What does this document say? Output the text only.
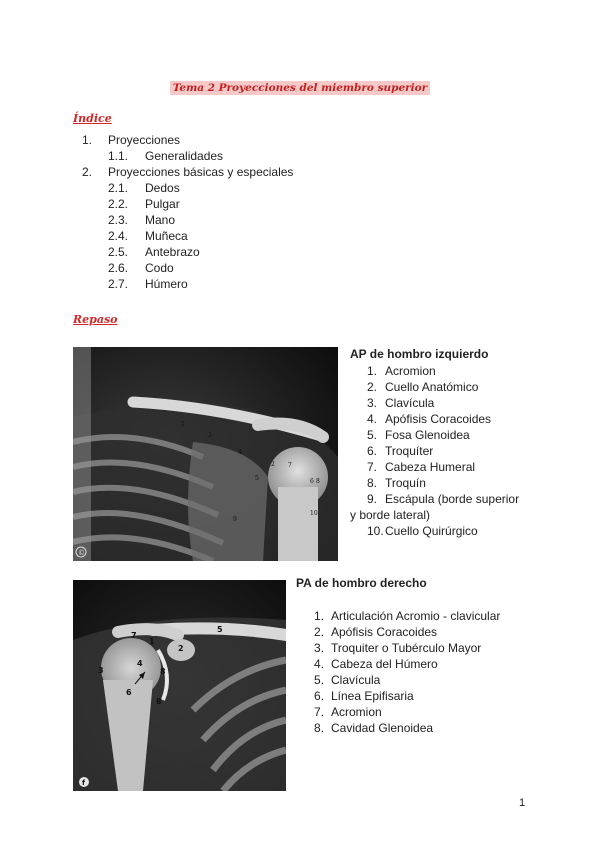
Tema 2 Proyecciones del miembro superior
Índice
1. Proyecciones
1.1. Generalidades
2. Proyecciones básicas y especiales
2.1. Dedos
2.2. Pulgar
2.3. Mano
2.4. Muñeca
2.5. Antebrazo
2.6. Codo
2.7. Húmero
Repaso
1
2
3
4
5	6
7
8
9
10
©
AP de hombro izquierdo
1. Acromion
2. Cuello Anatómico
3. Clavícula
4. Apófisis Coracoides
5. Fosa Glenoidea
6. Troquíter
7. Cabeza Humeral
8. Troquín
9. Escápula (borde superior
y borde lateral)
10.Cuello Quirúrgico
7
1
2
5
3
4
8
6
8
f
PA de hombro derecho
1. Articulación Acromio - clavicular
2. Apófisis Coracoides
3. Troquiter o Tubérculo Mayor
4. Cabeza del Húmero
5. Clavícula
6. Línea Epifisaria
7. Acromion
8. Cavidad Glenoidea
1
